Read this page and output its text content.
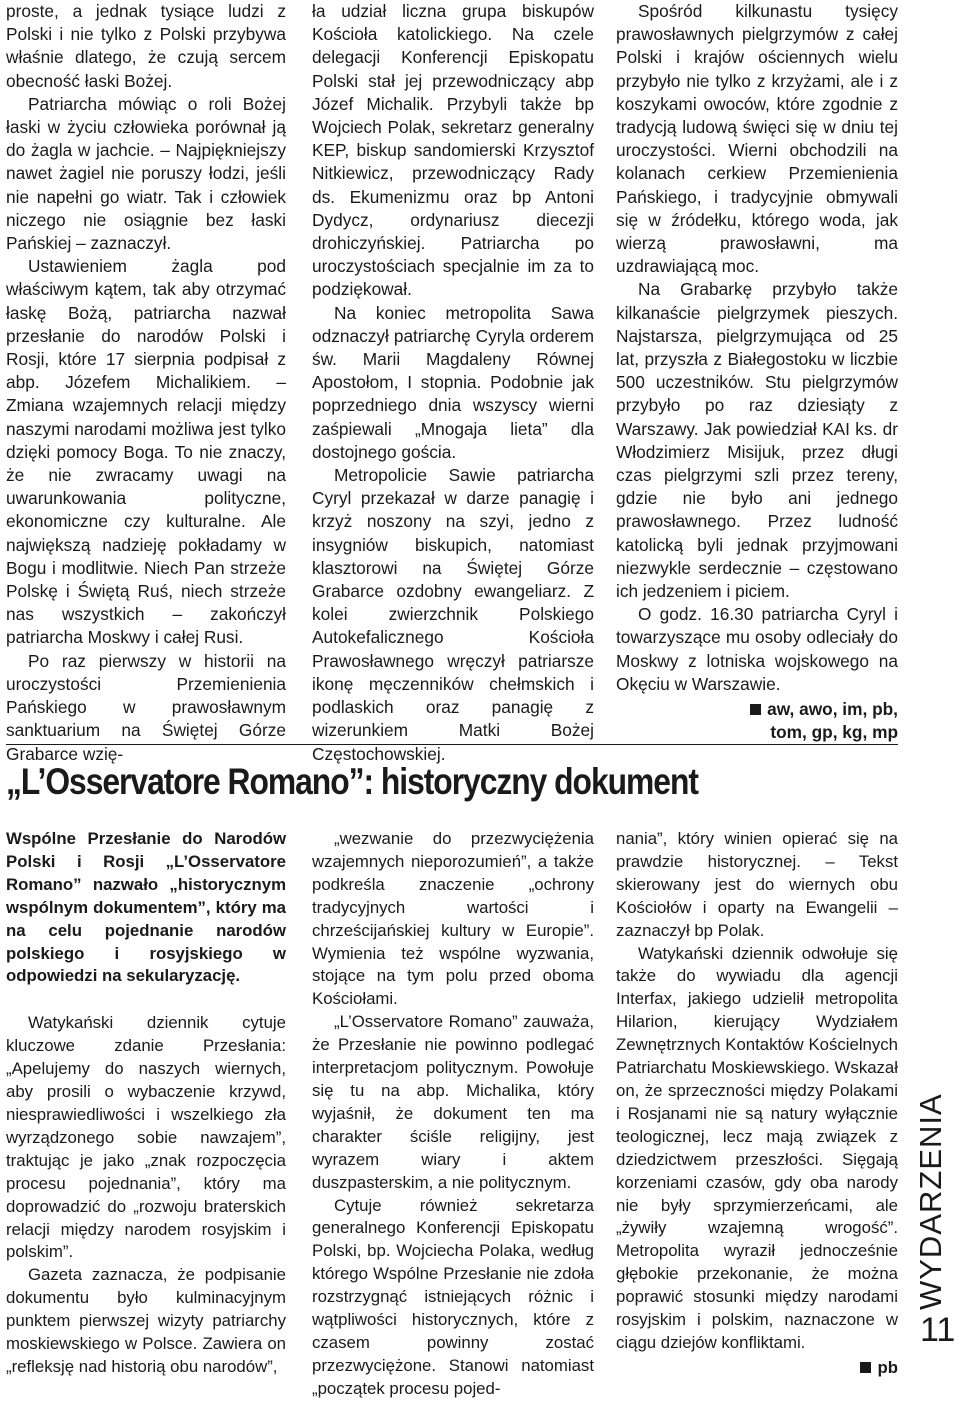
proste, a jednak tysiące ludzi z Polski i nie tylko z Polski przybywa właśnie dlatego, że czują sercem obecność łaski Bożej.

Patriarcha mówiąc o roli Bożej łaski w życiu człowieka porównał ją do żagla w jachcie. – Najpiękniejszy nawet żagiel nie poruszy łodzi, jeśli nie napełni go wiatr. Tak i człowiek niczego nie osiągnie bez łaski Pańskiej – zaznaczył.

Ustawieniem żagla pod właściwym kątem, tak aby otrzymać łaskę Bożą, patriarcha nazwał przesłanie do narodów Polski i Rosji, które 17 sierpnia podpisał z abp. Józefem Michalikiem. – Zmiana wzajemnych relacji między naszymi narodami możliwa jest tylko dzięki pomocy Boga. To nie znaczy, że nie zwracamy uwagi na uwarunkowania polityczne, ekonomiczne czy kulturalne. Ale największą nadzieję pokładamy w Bogu i modlitwie. Niech Pan strzeże Polskę i Świętą Ruś, niech strzeże nas wszystkich – zakończył patriarcha Moskwy i całej Rusi.

Po raz pierwszy w historii na uroczystości Przemienienia Pańskiego w prawosławnym sanktuarium na Świętej Górze Grabarce wzię-

ła udział liczna grupa biskupów Kościoła katolickiego. Na czele delegacji Konferencji Episkopatu Polski stał jej przewodniczący abp Józef Michalik. Przybyli także bp Wojciech Polak, sekretarz generalny KEP, biskup sandomierski Krzysztof Nitkiewicz, przewodniczący Rady ds. Ekumenizmu oraz bp Antoni Dydycz, ordynariusz diecezji drohiczyńskiej. Patriarcha po uroczystościach specjalnie im za to podziękował.

Na koniec metropolita Sawa odznaczył patriarchę Cyryla orderem św. Marii Magdaleny Równej Apostołom, I stopnia. Podobnie jak poprzedniego dnia wszyscy wierni zaśpiewali „Mnogaja lieta” dla dostojnego gościa.

Metropolicie Sawie patriarcha Cyryl przekazał w darze panagię i krzyż noszony na szyi, jedno z insygniów biskupich, natomiast klasztorowi na Świętej Górze Grabarce ozdobny ewangeliarz. Z kolei zwierzchnik Polskiego Autokefalicznego Kościoła Prawosławnego wręczył patriarsze ikonę męczenników chełmskich i podlaskich oraz panagię z wizerunkiem Matki Bożej Częstochowskiej.

Spośród kilkunastu tysięcy prawosławnych pielgrzymów z całej Polski i krajów ościennych wielu przybyło nie tylko z krzyżami, ale i z koszykami owoców, które zgodnie z tradycją ludową święci się w dniu tej uroczystości. Wierni obchodzili na kolanach cerkiew Przemienienia Pańskiego, i tradycyjnie obmywali się w źródełku, którego woda, jak wierzą prawosławni, ma uzdrawiającą moc.

Na Grabarkę przybyło także kilkanaście pielgrzymek pieszych. Najstarsza, pielgrzymująca od 25 lat, przyszła z Białegostoku w liczbie 500 uczestników. Stu pielgrzymów przybyło po raz dziesiąty z Warszawy. Jak powiedział KAI ks. dr Włodzimierz Misijuk, przez długi czas pielgrzymi szli przez tereny, gdzie nie było ani jednego prawosławnego. Przez ludność katolicką byli jednak przyjmowani niezwykle serdecznie – częstowano ich jedzeniem i piciem.

O godz. 16.30 patriarcha Cyryl i towarzyszące mu osoby odleciały do Moskwy z lotniska wojskowego na Okęciu w Warszawie.

aw, awo, im, pb,
tom, gp, kg, mp
„L’Osservatore Romano”: historyczny dokument

Wspólne Przesłanie do Narodów Polski i Rosji „L’Osservatore Romano” nazwało „historycznym wspólnym dokumentem”, który ma na celu pojednanie narodów polskiego i rosyjskiego w odpowiedzi na sekularyzację.

Watykański dziennik cytuje kluczowe zdanie Przesłania: „Apelujemy do naszych wiernych, aby prosili o wybaczenie krzywd, niesprawiedliwości i wszelkiego zła wyrządzonego sobie nawzajem”, traktując je jako „znak rozpoczęcia procesu pojednania”, który ma doprowadzić do „rozwoju braterskich relacji między narodem rosyjskim i polskim”.

Gazeta zaznacza, że podpisanie dokumentu było kulminacyjnym punktem pierwszej wizyty patriarchy moskiewskiego w Polsce. Zawiera on „refleksję nad historią obu narodów”,

„wezwanie do przezwyciężenia wzajemnych nieporozumień”, a także podkreśla znaczenie „ochrony tradycyjnych wartości i chrześcijańskiej kultury w Europie”. Wymienia też wspólne wyzwania, stojące na tym polu przed oboma Kościołami.

„L’Osservatore Romano” zauważa, że Przesłanie nie powinno podlegać interpretacjom politycznym. Powołuje się tu na abp. Michalika, który wyjaśnił, że dokument ten ma charakter ściśle religijny, jest wyrazem wiary i aktem duszpasterskim, a nie politycznym.

Cytuje również sekretarza generalnego Konferencji Episkopatu Polski, bp. Wojciecha Polaka, według którego Wspólne Przesłanie nie zdoła rozstrzygnąć istniejących różnic i wątpliwości historycznych, które z czasem powinny zostać przezwyciężone. Stanowi natomiast „początek procesu pojed-

nania”, który winien opierać się na prawdzie historycznej. – Tekst skierowany jest do wiernych obu Kościołów i oparty na Ewangelii – zaznaczył bp Polak.

Watykański dziennik odwołuje się także do wywiadu dla agencji Interfax, jakiego udzielił metropolita Hilarion, kierujący Wydziałem Zewnętrznych Kontaktów Kościelnych Patriarchatu Moskiewskiego. Wskazał on, że sprzeczności między Polakami i Rosjanami nie są natury wyłącznie teologicznej, lecz mają związek z dziedzictwem przeszłości. Sięgają korzeniami czasów, gdy oba narody nie były sprzymierzeńcami, ale „żywiły wzajemną wrogość”. Metropolita wyraził jednocześnie głębokie przekonanie, że można poprawić stosunki między narodami rosyjskim i polskim, naznaczone w ciągu dziejów konfliktami.

pb
WYDARZENIA
11
